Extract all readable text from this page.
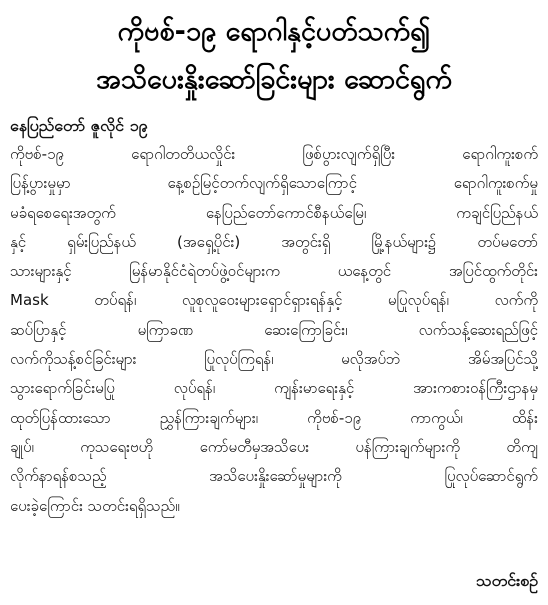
ကိုဗစ်-၁၉ ရောဂါနှင့်ပတ်သက်၍
အသိပေးနှိုးဆော်ခြင်းများ ဆောင်ရွက်

နေပြည်တော် ဇူလိုင် ၁၉

ကိုဗစ်-၁၉ ရောဂါတတိယလှိုင်း ဖြစ်ပွားလျက်ရှိပြီး ရောဂါကူးစက်
ပြန့်ပွားမှုမှာ နေ့စဉ်မြင့်တက်လျက်ရှိသောကြောင့် ရောဂါကူးစက်မှု
မခံရစေရေးအတွက် နေပြည်တော်ကောင်စီနယ်မြေ၊ ကချင်ပြည်နယ်
နှင့် ရှမ်းပြည်နယ် (အရှေ့ပိုင်း) အတွင်းရှိ မြို့နယ်များ၌ တပ်မတော်
သားများနှင့် မြန်မာနိုင်ငံရဲတပ်ဖွဲ့ဝင်များက ယနေ့တွင် အပြင်ထွက်တိုင်း
Mask တပ်ရန်၊ လူစုလူဝေးများရှောင်ရှားရန်နှင့် မပြုလုပ်ရန်၊ လက်ကို
ဆပ်ပြာနှင့် မကြာခဏ ဆေးကြောခြင်း၊ လက်သန့်ဆေးရည်ဖြင့်
လက်ကိုသန့်စင်ခြင်းများ ပြုလုပ်ကြရန်၊ မလိုအပ်ဘဲ အိမ်အပြင်သို့
သွားရောက်ခြင်းမပြု လုပ်ရန်၊ ကျန်းမာရေးနှင့် အားကစားဝန်ကြီးဌာနမှ
ထုတ်ပြန်ထားသော ညွှန်ကြားချက်များ၊ ကိုဗစ်-၁၉ ကာကွယ်၊ ထိန်း
ချုပ်၊ ကုသရေးဗဟို ကော်မတီမှအသိပေး ပန်ကြားချက်များကို တိကျ
လိုက်နာရန်စသည့် အသိပေးနှိုးဆော်မှုများကို ပြုလုပ်ဆောင်ရွက်
ပေးခဲ့ကြောင်း သတင်းရရှိသည်။

သတင်းစဉ်
